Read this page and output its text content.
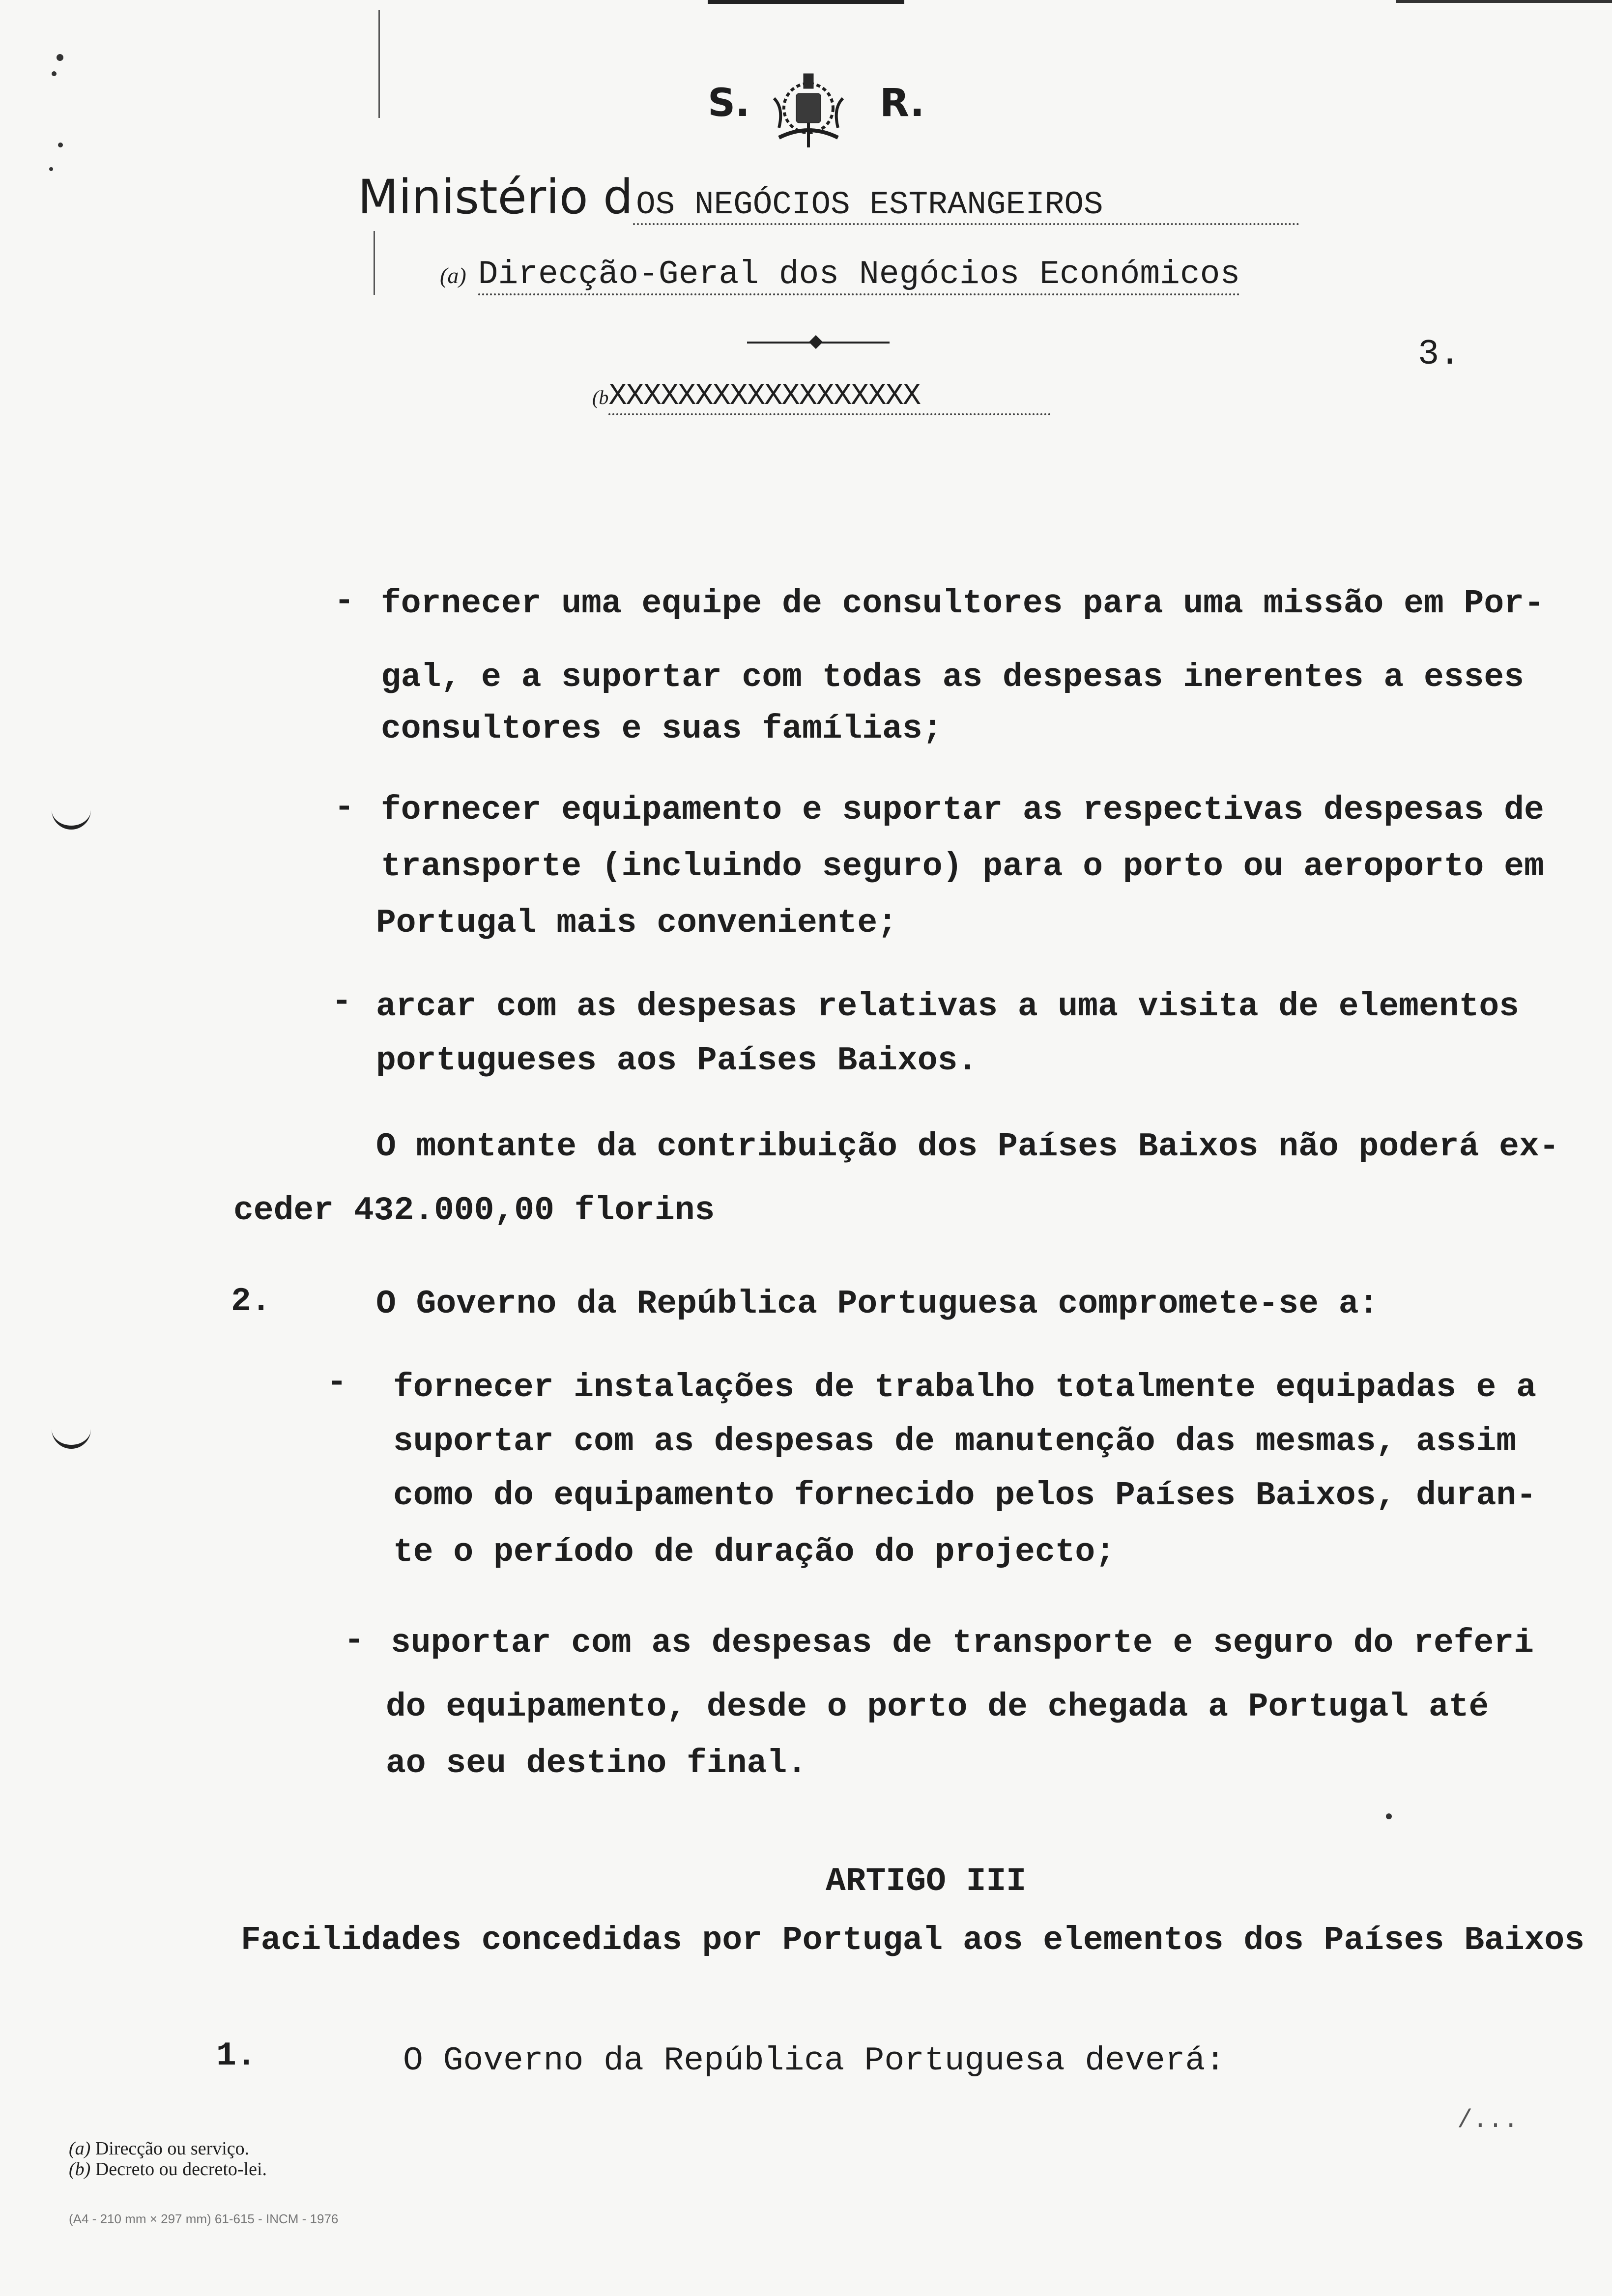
S.	R.
Ministério dOS NEGÓCIOS ESTRANGEIROS
(a) Direcção-Geral dos Negócios Económicos
3.
(bXXXXXXXXXXXXXXXXXX
- fornecer uma equipe de consultores para uma missão em Por-
gal, e a suportar com todas as despesas inerentes a esses
consultores e suas famílias;
- fornecer equipamento e suportar as respectivas despesas de
transporte (incluindo seguro) para o porto ou aeroporto em
Portugal mais conveniente;
- arcar com as despesas relativas a uma visita de elementos
portugueses aos Países Baixos.
O montante da contribuição dos Países Baixos não poderá ex-
ceder 432.000,00 florins
2.	O Governo da República Portuguesa compromete-se a:
- fornecer instalações de trabalho totalmente equipadas e a
suportar com as despesas de manutenção das mesmas, assim
como do equipamento fornecido pelos Países Baixos, duran-
te o período de duração do projecto;
- suportar com as despesas de transporte e seguro do referi
do equipamento, desde o porto de chegada a Portugal até
ao seu destino final.
ARTIGO III
Facilidades concedidas por Portugal aos elementos dos Países Baixos
1.	O Governo da República Portuguesa deverá:
(a) Direcção ou serviço.
(b) Decreto ou decreto-lei.
(A4 - 210 mm × 297 mm) 61-615 - INCM - 1976
/...
